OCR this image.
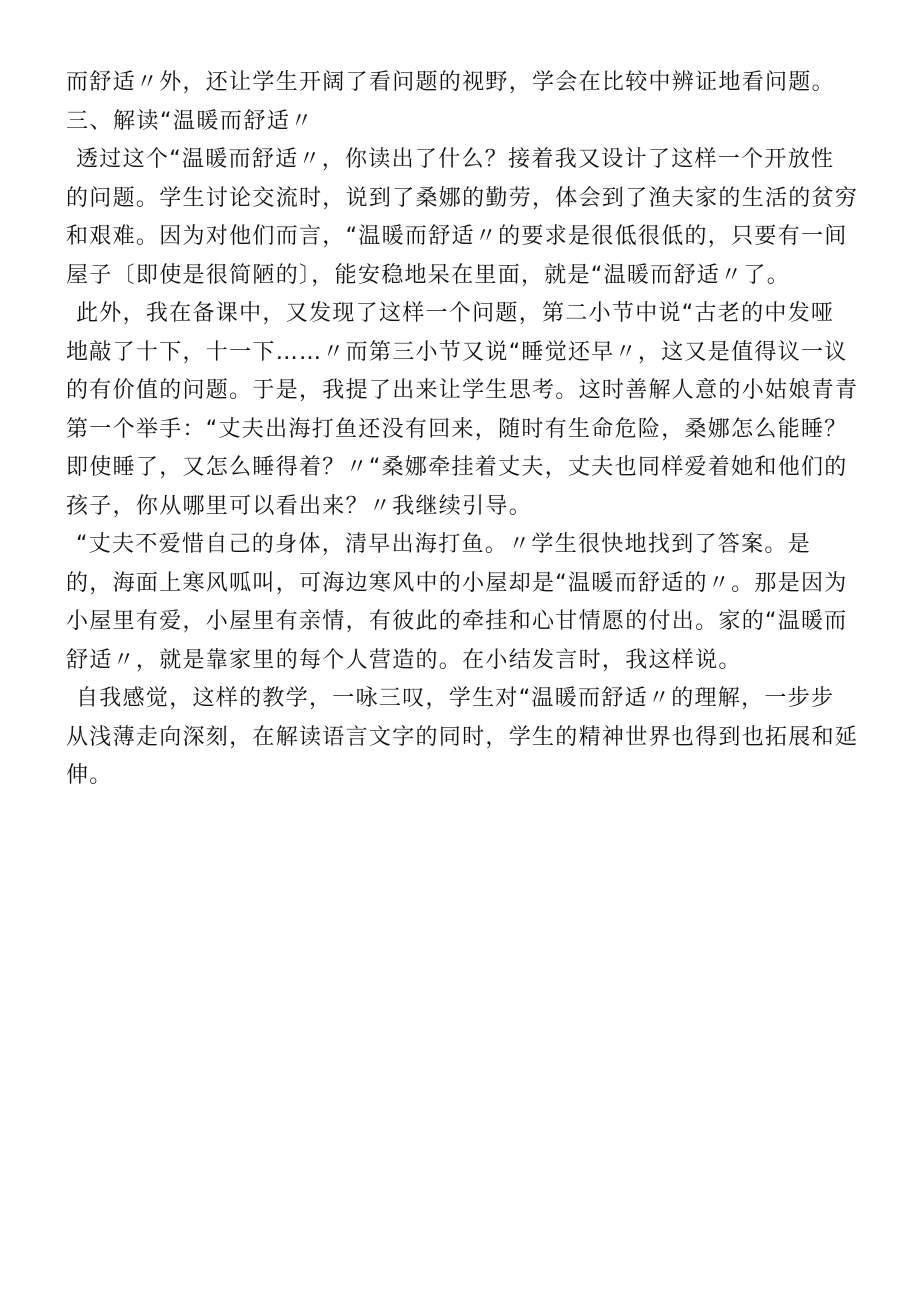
而舒适〃外，还让学生开阔了看问题的视野，学会在比较中辨证地看问题。
三、解读“温暖而舒适〃
透过这个“温暖而舒适〃，你读出了什么？接着我又设计了这样一个开放性
的问题。学生讨论交流时，说到了桑娜的勤劳，体会到了渔夫家的生活的贫穷
和艰难。因为对他们而言，“温暖而舒适〃的要求是很低很低的，只要有一间
屋子〔即使是很简陋的〕，能安稳地呆在里面，就是“温暖而舒适〃了。
此外，我在备课中，又发现了这样一个问题，第二小节中说“古老的中发哑
地敲了十下，十一下……〃而第三小节又说“睡觉还早〃，这又是值得议一议
的有价值的问题。于是，我提了出来让学生思考。这时善解人意的小姑娘青青
第一个举手：“丈夫出海打鱼还没有回来，随时有生命危险，桑娜怎么能睡？
即使睡了，又怎么睡得着？〃“桑娜牵挂着丈夫，丈夫也同样爱着她和他们的
孩子，你从哪里可以看出来？〃我继续引导。
“丈夫不爱惜自己的身体，清早出海打鱼。〃学生很快地找到了答案。是
的，海面上寒风呱叫，可海边寒风中的小屋却是“温暖而舒适的〃。那是因为
小屋里有爱，小屋里有亲情，有彼此的牵挂和心甘情愿的付出。家的“温暖而
舒适〃，就是靠家里的每个人营造的。在小结发言时，我这样说。
自我感觉，这样的教学，一咏三叹，学生对“温暖而舒适〃的理解，一步步
从浅薄走向深刻，在解读语言文字的同时，学生的精神世界也得到也拓展和延
伸。
